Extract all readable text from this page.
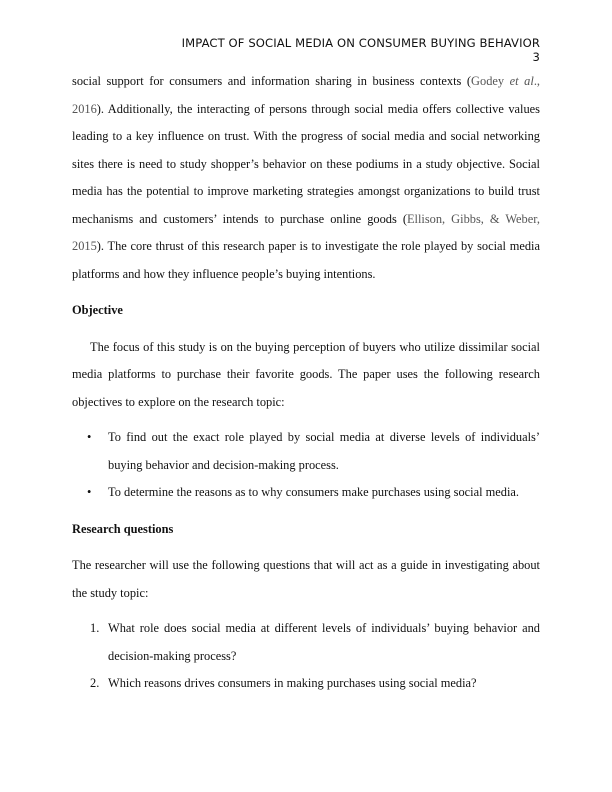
IMPACT OF SOCIAL MEDIA ON CONSUMER BUYING BEHAVIOR
3

social support for consumers and information sharing in business contexts (Godey et al., 2016). Additionally, the interacting of persons through social media offers collective values leading to a key influence on trust. With the progress of social media and social networking sites there is need to study shopper’s behavior on these podiums in a study objective. Social media has the potential to improve marketing strategies amongst organizations to build trust mechanisms and customers’ intends to purchase online goods (Ellison, Gibbs, & Weber, 2015). The core thrust of this research paper is to investigate the role played by social media platforms and how they influence people’s buying intentions.

Objective

The focus of this study is on the buying perception of buyers who utilize dissimilar social media platforms to purchase their favorite goods. The paper uses the following research objectives to explore on the research topic:

• To find out the exact role played by social media at diverse levels of individuals’ buying behavior and decision-making process.
• To determine the reasons as to why consumers make purchases using social media.
Research questions

The researcher will use the following questions that will act as a guide in investigating about the study topic:

1. What role does social media at different levels of individuals’ buying behavior and decision-making process?
2. Which reasons drives consumers in making purchases using social media?
